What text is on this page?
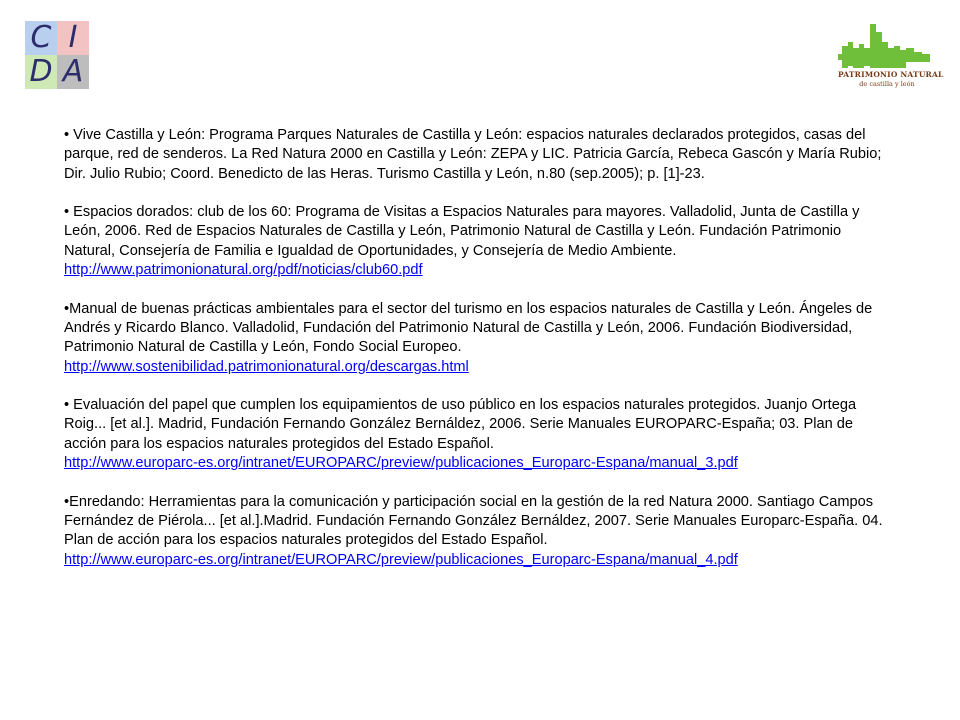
C I
D A	PATRIMONIO NATURAL
de castilla y león

• Vive Castilla y León: Programa Parques Naturales de Castilla y León: espacios naturales declarados protegidos, casas del parque, red de senderos. La Red Natura 2000 en Castilla y León: ZEPA y LIC. Patricia García, Rebeca Gascón y María Rubio; Dir. Julio Rubio; Coord. Benedicto de las Heras. Turismo Castilla y León, n.80 (sep.2005); p. [1]-23.

• Espacios dorados: club de los 60: Programa de Visitas a Espacios Naturales para mayores. Valladolid, Junta de Castilla y León, 2006. Red de Espacios Naturales de Castilla y León, Patrimonio Natural de Castilla y León. Fundación Patrimonio Natural, Consejería de Familia e Igualdad de Oportunidades, y Consejería de Medio Ambiente.
http://www.patrimonionatural.org/pdf/noticias/club60.pdf

•Manual de buenas prácticas ambientales para el sector del turismo en los espacios naturales de Castilla y León. Ángeles de Andrés y Ricardo Blanco. Valladolid, Fundación del Patrimonio Natural de Castilla y León, 2006. Fundación Biodiversidad, Patrimonio Natural de Castilla y León, Fondo Social Europeo.
http://www.sostenibilidad.patrimonionatural.org/descargas.html

• Evaluación del papel que cumplen los equipamientos de uso público en los espacios naturales protegidos. Juanjo Ortega Roig... [et al.]. Madrid, Fundación Fernando González Bernáldez, 2006. Serie Manuales EUROPARC-España; 03. Plan de acción para los espacios naturales protegidos del Estado Español.
http://www.europarc-es.org/intranet/EUROPARC/preview/publicaciones_Europarc-Espana/manual_3.pdf

•Enredando: Herramientas para la comunicación y participación social en la gestión de la red Natura 2000. Santiago Campos Fernández de Piérola... [et al.].Madrid. Fundación Fernando González Bernáldez, 2007. Serie Manuales Europarc-España. 04. Plan de acción para los espacios naturales protegidos del Estado Español.
http://www.europarc-es.org/intranet/EUROPARC/preview/publicaciones_Europarc-Espana/manual_4.pdf
